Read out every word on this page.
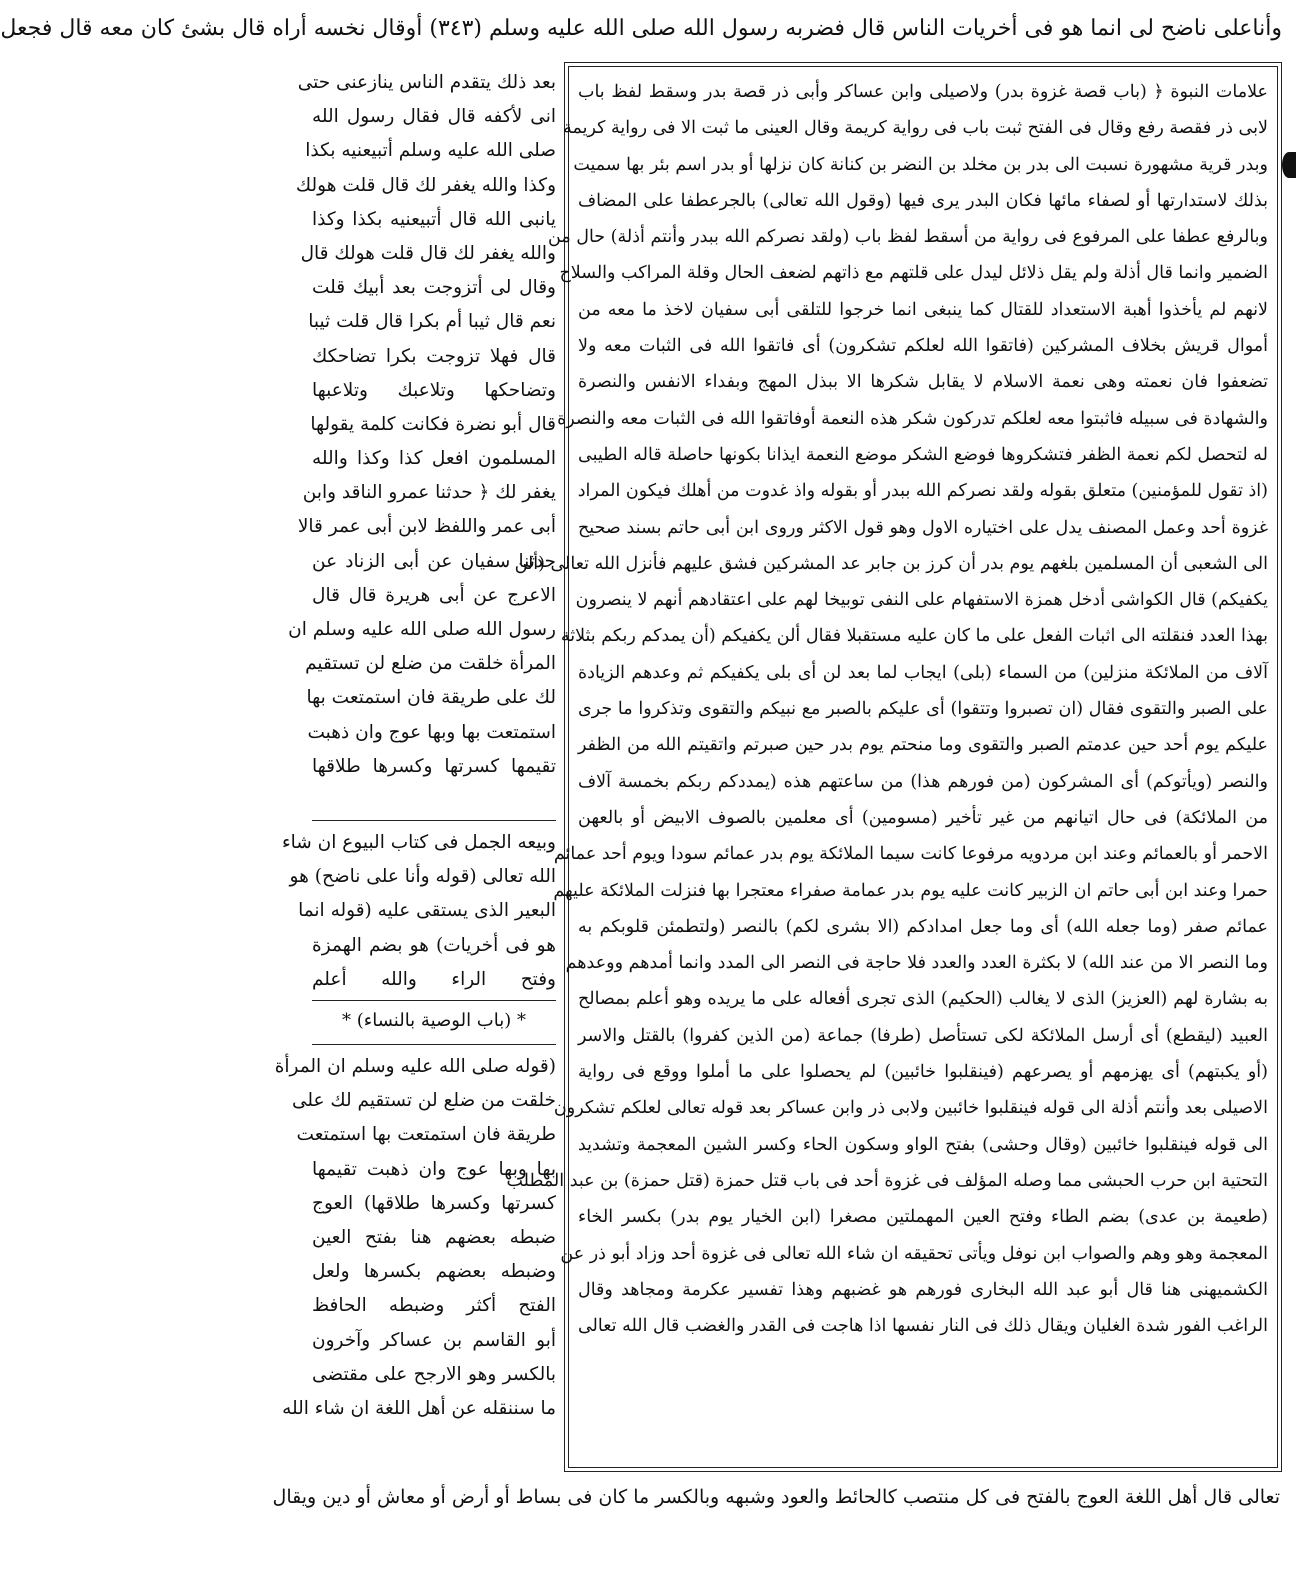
وأناعلى ناضح لى انما هو فى أخريات الناس قال فضربه رسول الله صلى الله عليه وسلم (٣٤٣) أوقال نخسه أراه قال بشئ كان معه قال فجعل
علامات النبوة ﴿ (باب قصة غزوة بدر) ولاصيلى وابن عساكر وأبى ذر قصة بدر وسقط لفظ باب
لابى ذر فقصة رفع وقال فى الفتح ثبت باب فى رواية كريمة وقال العينى ما ثبت الا فى رواية كريمة
وبدر قرية مشهورة نسبت الى بدر بن مخلد بن النضر بن كنانة كان نزلها أو بدر اسم بئر بها سميت
بذلك لاستدارتها أو لصفاء مائها فكان البدر يرى فيها (وقول الله تعالى) بالجرعطفا على المضاف
وبالرفع عطفا على المرفوع فى رواية من أسقط لفظ باب (ولقد نصركم الله ببدر وأنتم أذلة) حال من
الضمير وانما قال أذلة ولم يقل ذلائل ليدل على قلتهم مع ذاتهم لضعف الحال وقلة المراكب والسلاح
لانهم لم يأخذوا أهبة الاستعداد للقتال كما ينبغى انما خرجوا للتلقى أبى سفيان لاخذ ما معه من
أموال قريش بخلاف المشركين (فاتقوا الله لعلكم تشكرون) أى فاتقوا الله فى الثبات معه ولا
تضعفوا فان نعمته وهى نعمة الاسلام لا يقابل شكرها الا ببذل المهج وبفداء الانفس والنصرة
والشهادة فى سبيله فاثبتوا معه لعلكم تدركون شكر هذه النعمة أوفاتقوا الله فى الثبات معه والنصرة
له لتحصل لكم نعمة الظفر فتشكروها فوضع الشكر موضع النعمة ايذانا بكونها حاصلة قاله الطيبى
(اذ تقول للمؤمنين) متعلق بقوله ولقد نصركم الله ببدر أو بقوله واذ غدوت من أهلك فيكون المراد
غزوة أحد وعمل المصنف يدل على اختياره الاول وهو قول الاكثر وروى ابن أبى حاتم بسند صحيح
الى الشعبى أن المسلمين بلغهم يوم بدر أن كرز بن جابر عد المشركين فشق عليهم فأنزل الله تعالى (ألن
يكفيكم) قال الكواشى أدخل همزة الاستفهام على النفى توبيخا لهم على اعتقادهم أنهم لا ينصرون
بهذا العدد فنقلته الى اثبات الفعل على ما كان عليه مستقبلا فقال ألن يكفيكم (أن يمدكم ربكم بثلاثة
آلاف من الملائكة منزلين) من السماء (بلى) ايجاب لما بعد لن أى بلى يكفيكم ثم وعدهم الزيادة
على الصبر والتقوى فقال (ان تصبروا وتتقوا) أى عليكم بالصبر مع نبيكم والتقوى وتذكروا ما جرى
عليكم يوم أحد حين عدمتم الصبر والتقوى وما منحتم يوم بدر حين صبرتم واتقيتم الله من الظفر
والنصر (ويأتوكم) أى المشركون (من فورهم هذا) من ساعتهم هذه (يمددكم ربكم بخمسة آلاف
من الملائكة) فى حال اتيانهم من غير تأخير (مسومين) أى معلمين بالصوف الابيض أو بالعهن
الاحمر أو بالعمائم وعند ابن مردويه مرفوعا كانت سيما الملائكة يوم بدر عمائم سودا ويوم أحد عمائم
حمرا وعند ابن أبى حاتم ان الزبير كانت عليه يوم بدر عمامة صفراء معتجرا بها فنزلت الملائكة عليهم
عمائم صفر (وما جعله الله) أى وما جعل امدادكم (الا بشرى لكم) بالنصر (ولتطمئن قلوبكم به
وما النصر الا من عند الله) لا بكثرة العدد والعدد فلا حاجة فى النصر الى المدد وانما أمدهم ووعدهم
به بشارة لهم (العزيز) الذى لا يغالب (الحكيم) الذى تجرى أفعاله على ما يريده وهو أعلم بمصالح
العبيد (ليقطع) أى أرسل الملائكة لكى تستأصل (طرفا) جماعة (من الذين كفروا) بالقتل والاسر
(أو يكبتهم) أى يهزمهم أو يصرعهم (فينقلبوا خائبين) لم يحصلوا على ما أملوا ووقع فى رواية
الاصيلى بعد وأنتم أذلة الى قوله فينقلبوا خائبين ولابى ذر وابن عساكر بعد قوله تعالى لعلكم تشكرون
الى قوله فينقلبوا خائبين (وقال وحشى) بفتح الواو وسكون الحاء وكسر الشين المعجمة وتشديد
التحتية ابن حرب الحبشى مما وصله المؤلف فى غزوة أحد فى باب قتل حمزة (قتل حمزة) بن عبد المطلب
(طعيمة بن عدى) بضم الطاء وفتح العين المهملتين مصغرا (ابن الخيار يوم بدر) بكسر الخاء
المعجمة وهو وهم والصواب ابن نوفل ويأتى تحقيقه ان شاء الله تعالى فى غزوة أحد وزاد أبو ذر عن
الكشميهنى هنا قال أبو عبد الله البخارى فورهم هو غضبهم وهذا تفسير عكرمة ومجاهد وقال
الراغب الفور شدة الغليان ويقال ذلك فى النار نفسها اذا هاجت فى القدر والغضب قال الله تعالى
بعد ذلك يتقدم الناس ينازعنى حتى
انى لأكفه قال فقال رسول الله
صلى الله عليه وسلم أتبيعنيه بكذا
وكذا والله يغفر لك قال قلت هولك
يانبى الله قال أتبيعنيه بكذا وكذا
والله يغفر لك قال قلت هولك قال
وقال لى أتزوجت بعد أبيك قلت
نعم قال ثيبا أم بكرا قال قلت ثيبا
قال فهلا تزوجت بكرا تضاحكك
وتضاحكها وتلاعبك وتلاعبها
قال أبو نضرة فكانت كلمة يقولها
المسلمون افعل كذا وكذا والله
يغفر لك ﴿ حدثنا عمرو الناقد وابن
أبى عمر واللفظ لابن أبى عمر قالا
حدثنا سفيان عن أبى الزناد عن
الاعرج عن أبى هريرة قال قال
رسول الله صلى الله عليه وسلم ان
المرأة خلقت من ضلع لن تستقيم
لك على طريقة فان استمتعت بها
استمتعت بها وبها عوج وان ذهبت
تقيمها كسرتها وكسرها طلاقها
وبيعه الجمل فى كتاب البيوع ان شاء
الله تعالى (قوله وأنا على ناضح) هو
البعير الذى يستقى عليه (قوله انما
هو فى أخريات) هو بضم الهمزة
وفتح الراء والله أعلم
* (باب الوصية بالنساء) *
(قوله صلى الله عليه وسلم ان المرأة
خلقت من ضلع لن تستقيم لك على
طريقة فان استمتعت بها استمتعت
بها وبها عوج وان ذهبت تقيمها
كسرتها وكسرها طلاقها) العوج
ضبطه بعضهم هنا بفتح العين
وضبطه بعضهم بكسرها ولعل
الفتح أكثر وضبطه الحافظ
أبو القاسم بن عساكر وآخرون
بالكسر وهو الارجح على مقتضى
ما سننقله عن أهل اللغة ان شاء الله
تعالى قال أهل اللغة العوج بالفتح فى كل منتصب كالحائط والعود وشبهه وبالكسر ما كان فى بساط أو أرض أو معاش أو دين ويقال
